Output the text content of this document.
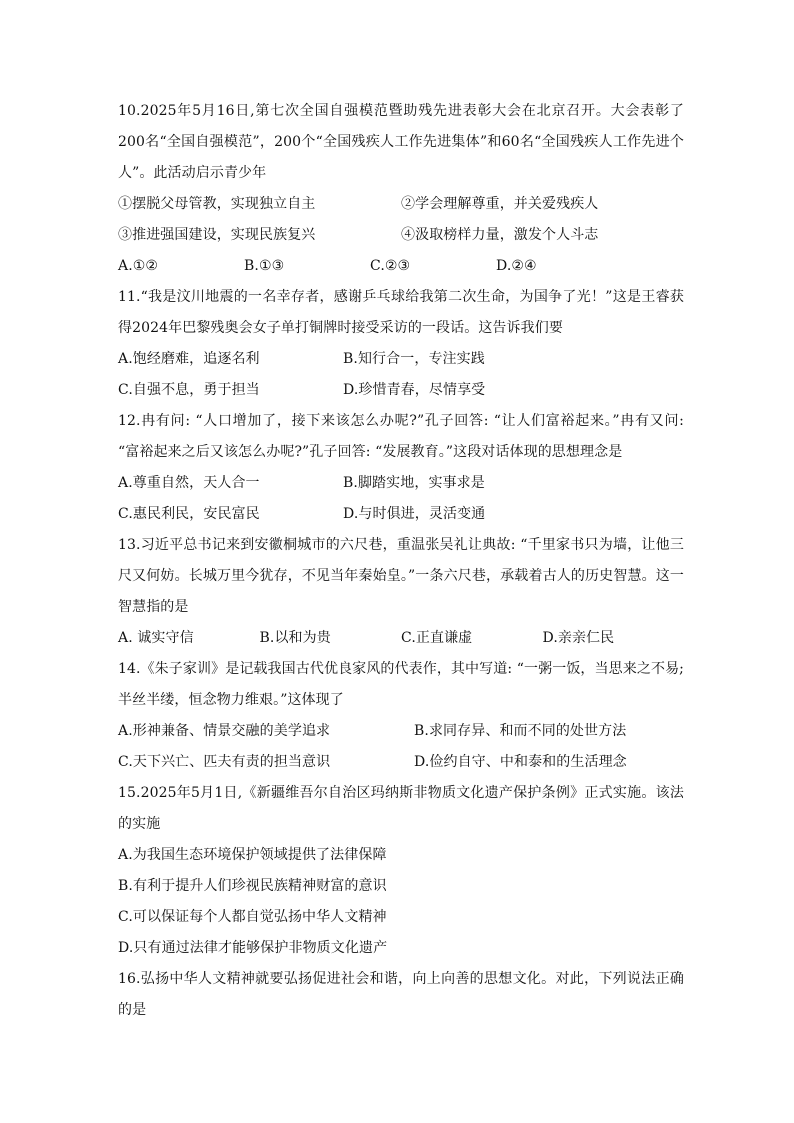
10.2025年5月16日,第七次全国自强模范暨助残先进表彰大会在北京召开。大会表彰了200名“全国自强模范”，200个“全国残疾人工作先进集体”和60名“全国残疾人工作先进个人”。此活动启示青少年

①摆脱父母管教，实现独立自主	②学会理解尊重，并关爱残疾人
③推进强国建设，实现民族复兴	④汲取榜样力量，激发个人斗志
A.①②	B.①③	C.②③	D.②④

11.“我是汶川地震的一名幸存者，感谢乒乓球给我第二次生命，为国争了光！”这是王睿获得2024年巴黎残奥会女子单打铜牌时接受采访的一段话。这告诉我们要

A.饱经磨难，追逐名利	B.知行合一，专注实践
C.自强不息，勇于担当	D.珍惜青春，尽情享受

12.冉有问: “人口增加了，接下来该怎么办呢?”孔子回答: “让人们富裕起来。”冉有又问: “富裕起来之后又该怎么办呢?”孔子回答: “发展教育。”这段对话体现的思想理念是

A.尊重自然，天人合一	B.脚踏实地，实事求是
C.惠民利民，安民富民	D.与时俱进，灵活变通

13.习近平总书记来到安徽桐城市的六尺巷，重温张吴礼让典故: “千里家书只为墙，让他三尺又何妨。长城万里今犹存，不见当年秦始皇。”一条六尺巷，承载着古人的历史智慧。这一智慧指的是

A. 诚实守信	B.以和为贵	C.正直谦虚	D.亲亲仁民

14.《朱子家训》是记载我国古代优良家风的代表作，其中写道: “一粥一饭，当思来之不易;半丝半缕，恒念物力维艰。”这体现了

A.形神兼备、情景交融的美学追求	B.求同存异、和而不同的处世方法
C.天下兴亡、匹夫有责的担当意识	D.俭约自守、中和泰和的生活理念

15.2025年5月1日,《新疆维吾尔自治区玛纳斯非物质文化遗产保护条例》正式实施。该法的实施

A.为我国生态环境保护领域提供了法律保障
B.有利于提升人们珍视民族精神财富的意识
C.可以保证每个人都自觉弘扬中华人文精神
D.只有通过法律才能够保护非物质文化遗产

16.弘扬中华人文精神就要弘扬促进社会和谐，向上向善的思想文化。对此，下列说法正确的是
